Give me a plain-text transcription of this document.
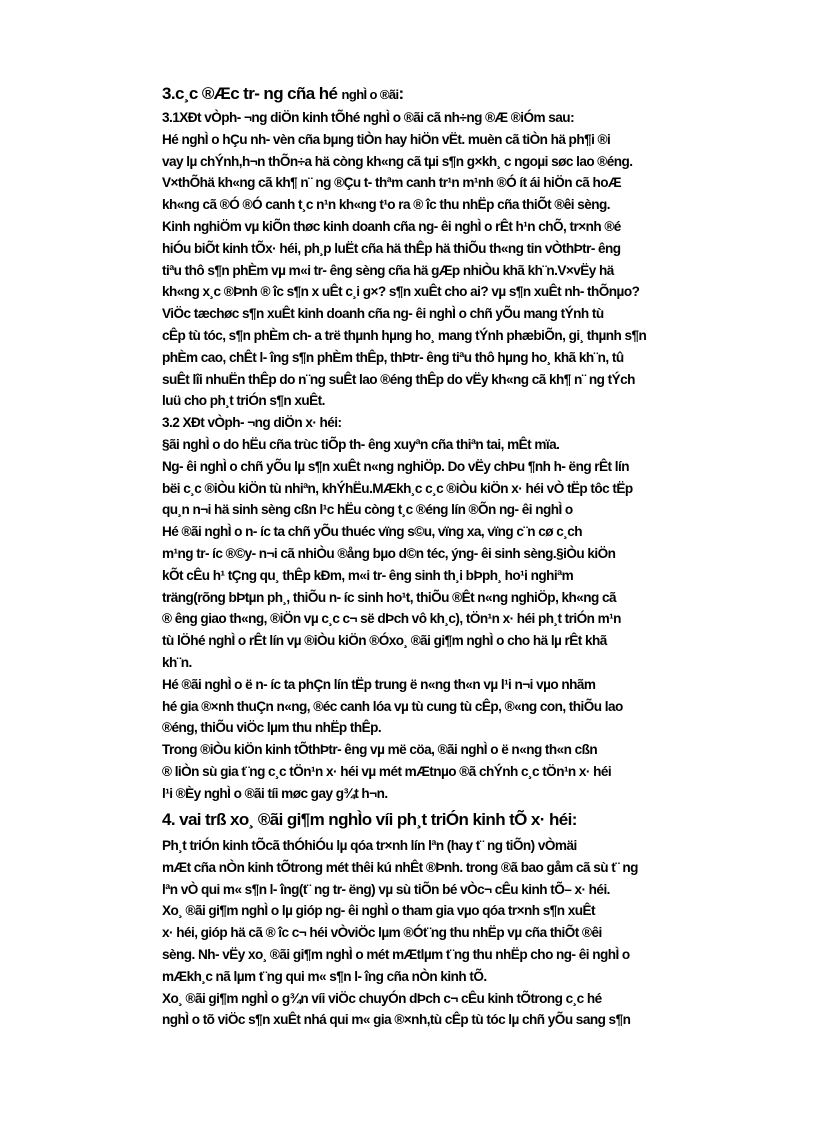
3.c¸c ®Æc tr- ng cña hé nghÌ o ®ãi:
3.1XÐt vÒph- ¬ng diÖn kinh tÕhé nghÌ o ®ãi cã nh÷ng ®Æ ®iÓm sau:
Hé nghÌ o hÇu nh- vèn cña bµng tiÒn hay hiÖn vËt. muèn cã tiÒn hä ph¶i ®i
vay lµ chÝnh,h¬n thÕn÷a hä còng kh«ng cã tµi s¶n g×kh¸ c ngoµi søc lao ®éng.
V×thÕhä kh«ng cã kh¶ n¨ ng ®Çu t- thªm canh tr¹n m¹nh ®Ó ít ái hiÖn cã hoÆ
kh«ng cã ®Ó ®Ó canh t¸c n¹n kh«ng t¹o ra ® îc thu nhËp cña thiÕt ®êi sèng.
Kinh nghiÖm vµ kiÕn thøc kinh doanh cña ng- êi nghÌ o rÊt h¹n chÕ, tr×nh ®é
hiÓu biÕt kinh tÕx· héi, ph¸p luËt cña hä thÊp hä thiÕu th«ng tin vÒthÞtr- êng
tiªu thô s¶n phÈm vµ m«i tr- êng sèng cña hä gÆp nhiÒu khã kh¨n.V×vËy hä
kh«ng x¸c ®Þnh ® îc s¶n x uÊt c¸i g×? s¶n xuÊt cho ai? vµ s¶n xuÊt nh- thÕnµo?
ViÖc tæchøc s¶n xuÊt kinh doanh cña ng- êi nghÌ o chñ yÕu mang tÝnh tù
cÊp tù tóc, s¶n phÈm ch- a trë thµnh hµng ho¸ mang tÝnh phæbiÕn, gi¸ thµnh s¶n
phÈm cao, chÊt l- îng s¶n phÈm thÊp, thÞtr- êng tiªu thô hµng ho¸ khã kh¨n, tû
suÊt lîi nhuËn thÊp do n¨ng suÊt lao ®éng thÊp do vËy kh«ng cã kh¶ n¨ ng tÝch
luü cho ph¸t triÓn s¶n xuÊt.
3.2 XÐt vÒph- ¬ng diÖn x· héi:
§ãi nghÌ o do hËu cña trùc tiÕp th- êng xuyªn cña thiªn tai, mÊt mïa.
Ng- êi nghÌ o chñ yÕu lµ s¶n xuÊt n«ng nghiÖp. Do vËy chÞu ¶nh h- ëng rÊt lín
bëi c¸c ®iÒu kiÖn tù nhiªn, khÝhËu.MÆkh¸c c¸c ®iÒu kiÖn x· héi vÒ tËp tôc tËp
qu¸n n¬i hä sinh sèng cßn l¹c hËu còng t¸c ®éng lín ®Õn ng- êi nghÌ o
Hé ®ãi nghÌ o n- íc ta chñ yÕu thuéc vïng s©u, vïng xa, vïng c¨n cø c¸ch
m¹ng tr- íc ®©y- n¬i cã nhiÒu ®ång bµo d©n téc, ýng- êi sinh sèng.§iÒu kiÖn
kÕt cÊu h¹ tÇng qu¸ thÊp kÐm, m«i tr- êng sinh th¸i bÞph¸ ho¹i nghiªm
träng(rõng bÞtµn ph¸, thiÕu n- íc sinh ho¹t, thiÕu ®Êt n«ng nghiÖp, kh«ng cã
® êng giao th«ng, ®iÖn vµ c¸c c¬ së dÞch vô kh¸c), tÖn¹n x· héi ph¸t triÓn m¹n
tù lÖhé nghÌ o rÊt lín vµ ®iÒu kiÖn ®Óxo¸ ®ãi gi¶m nghÌ o cho hä lµ rÊt khã
kh¨n.
Hé ®ãi nghÌ o ë n- íc ta phÇn lín tËp trung ë n«ng th«n vµ l¹i n¬i vµo nhãm
hé gia ®×nh thuÇn n«ng, ®éc canh lóa vµ tù cung tù cÊp, ®«ng con, thiÕu lao
®éng, thiÕu viÖc lµm thu nhËp thÊp.
Trong ®iÒu kiÖn kinh tÕthÞtr- êng vµ më cöa, ®ãi nghÌ o ë n«ng th«n cßn
® liÒn sù gia t¨ng c¸c tÖn¹n x· héi vµ mét mÆtnµo ®ã chÝnh c¸c tÖn¹n x· héi
l¹i ®Èy nghÌ o ®ãi tíi møc gay g¾t h¬n.
4. vai trß xo¸ ®ãi gi¶m nghÌo víi ph¸t triÓn kinh tÕ x· héi:
Ph¸t triÓn kinh tÕcã thÓhiÓu lµ qóa tr×nh lín lªn (hay t¨ ng tiÕn) vÒmäi
mÆt cña nÒn kinh tÕtrong mét thêi kú nhÊt ®Þnh. trong ®ã bao gåm cã sù t¨ ng
lªn vÒ qui m« s¶n l- îng(t¨ ng tr- ëng) vµ sù tiÕn bé vÒc¬ cÊu kinh tÕ– x· héi.
Xo¸ ®ãi gi¶m nghÌ o lµ gióp ng- êi nghÌ o tham gia vµo qóa tr×nh s¶n xuÊt
x· héi, gióp hä cã ® îc c¬ héi vÒviÖc lµm ®Ót¨ng thu nhËp vµ cña thiÕt ®êi
sèng. Nh- vËy xo¸ ®ãi gi¶m nghÌ o mét mÆtlµm t¨ng thu nhËp cho ng- êi nghÌ o
mÆkh¸c nã lµm t¨ng qui m« s¶n l- îng cña nÒn kinh tÕ.
Xo¸ ®ãi gi¶m nghÌ o g¾n víi viÖc chuyÓn dÞch c¬ cÊu kinh tÕtrong c¸c hé
nghÌ o tõ viÖc s¶n xuÊt nhá qui m« gia ®×nh,tù cÊp tù tóc lµ chñ yÕu sang s¶n
